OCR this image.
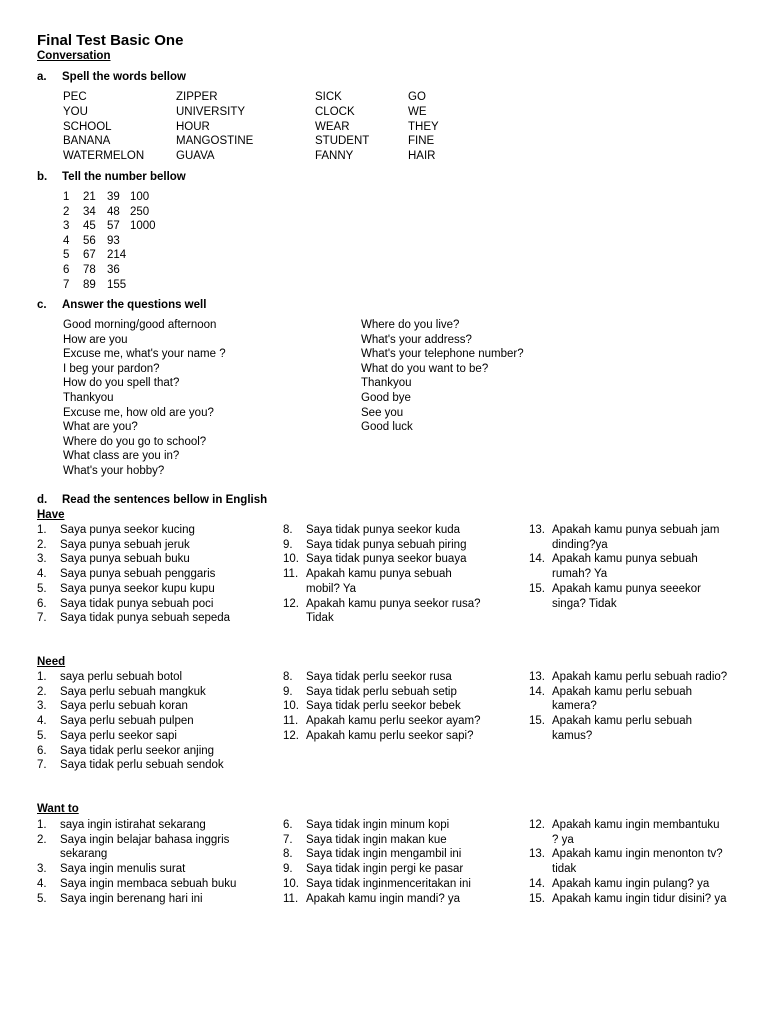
Final Test Basic One
Conversation
a. Spell the words bellow
PEC
YOU
SCHOOL
BANANA
WATERMELON
ZIPPER
UNIVERSITY
HOUR
MANGOSTINE
GUAVA
SICK
CLOCK
WEAR
STUDENT
FANNY
GO
WE
THEY
FINE
HAIR
b. Tell the number bellow
1 21 39 100
2 34 48 250
3 45 57 1000
4 56 93
5 67 214
6 78 36
7 89 155
c. Answer the questions well
Good morning/good afternoon
How are you
Excuse me, what's your name ?
I beg your pardon?
How do you spell that?
Thankyou
Excuse me, how old are you?
What are you?
Where do you go to school?
What class are you in?
What's your hobby?
Where do you live?
What's your address?
What's your telephone number?
What do you want to be?
Thankyou
Good bye
See you
Good luck
d. Read the sentences bellow in English
Have
1. Saya punya seekor kucing
2. Saya punya sebuah jeruk
3. Saya punya sebuah buku
4. Saya punya sebuah penggaris
5. Saya punya seekor kupu kupu
6. Saya tidak punya sebuah poci
7. Saya tidak punya sebuah sepeda
8. Saya tidak punya seekor kuda
9. Saya tidak punya sebuah piring
10. Saya tidak punya seekor buaya
11. Apakah kamu punya sebuah mobil? Ya
12. Apakah kamu punya seekor rusa? Tidak
13. Apakah kamu punya sebuah jam dinding?ya
14. Apakah kamu punya sebuah rumah? Ya
15. Apakah kamu punya seeekor singa? Tidak
Need
1. saya perlu sebuah botol
2. Saya perlu sebuah mangkuk
3. Saya perlu sebuah koran
4. Saya perlu sebuah pulpen
5. Saya perlu seekor sapi
6. Saya tidak perlu seekor anjing
7. Saya tidak perlu sebuah sendok
8. Saya tidak perlu seekor rusa
9. Saya tidak perlu sebuah setip
10. Saya tidak perlu seekor bebek
11. Apakah kamu perlu seekor ayam?
12. Apakah kamu perlu seekor sapi?
13. Apakah kamu perlu sebuah radio?
14. Apakah kamu perlu sebuah kamera?
15. Apakah kamu perlu sebuah kamus?
Want to
1. saya ingin istirahat sekarang
2. Saya ingin belajar bahasa inggris sekarang
3. Saya ingin menulis surat
4. Saya ingin membaca sebuah buku
5. Saya ingin berenang hari ini
6. Saya tidak ingin minum kopi
7. Saya tidak ingin makan kue
8. Saya tidak ingin mengambil ini
9. Saya tidak ingin pergi ke pasar
10. Saya tidak inginmenceritakan ini
11. Apakah kamu ingin mandi? ya
12. Apakah kamu ingin membantuku ? ya
13. Apakah kamu ingin menonton tv? tidak
14. Apakah kamu ingin pulang? ya
15. Apakah kamu ingin tidur disini? ya
